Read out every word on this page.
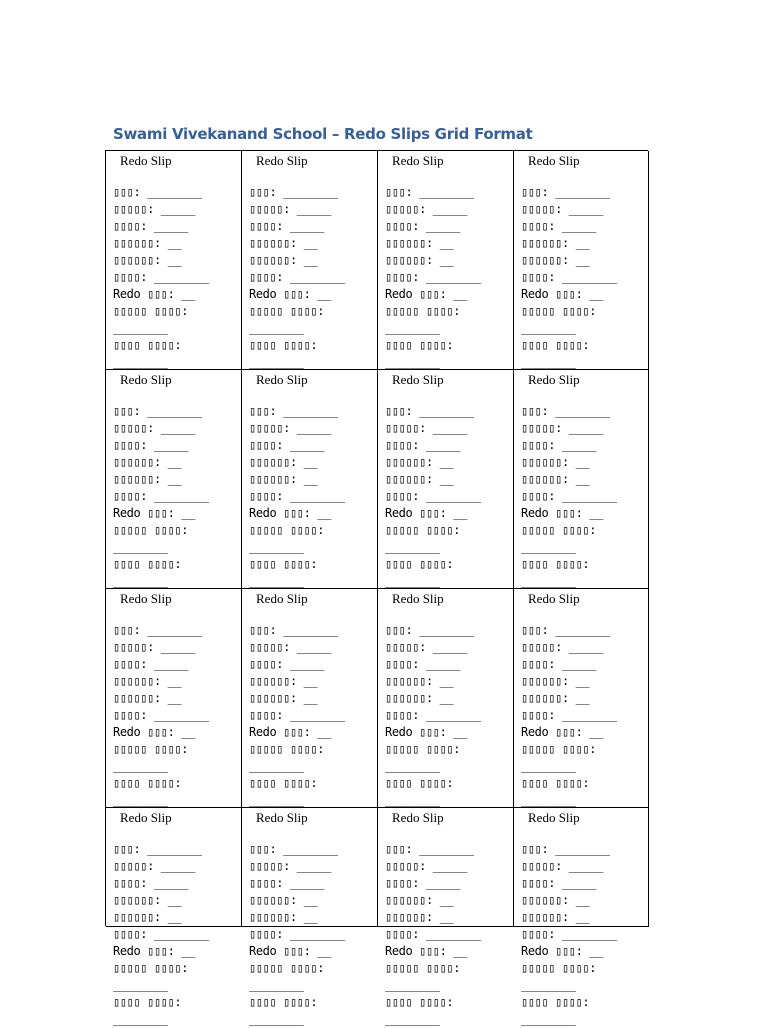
Swami Vivekanand School – Redo Slips Grid Format
Redo Slip
▯▯▯: ________
▯▯▯▯▯: _____
▯▯▯▯: _____
▯▯▯▯▯▯: __
▯▯▯▯▯▯: __
▯▯▯▯: ________
Redo ▯▯▯: __
▯▯▯▯▯ ▯▯▯▯:
________
▯▯▯▯ ▯▯▯▯:
________
Redo Slip
▯▯▯: ________
▯▯▯▯▯: _____
▯▯▯▯: _____
▯▯▯▯▯▯: __
▯▯▯▯▯▯: __
▯▯▯▯: ________
Redo ▯▯▯: __
▯▯▯▯▯ ▯▯▯▯:
________
▯▯▯▯ ▯▯▯▯:
________
Redo Slip
▯▯▯: ________
▯▯▯▯▯: _____
▯▯▯▯: _____
▯▯▯▯▯▯: __
▯▯▯▯▯▯: __
▯▯▯▯: ________
Redo ▯▯▯: __
▯▯▯▯▯ ▯▯▯▯:
________
▯▯▯▯ ▯▯▯▯:
________
Redo Slip
▯▯▯: ________
▯▯▯▯▯: _____
▯▯▯▯: _____
▯▯▯▯▯▯: __
▯▯▯▯▯▯: __
▯▯▯▯: ________
Redo ▯▯▯: __
▯▯▯▯▯ ▯▯▯▯:
________
▯▯▯▯ ▯▯▯▯:
________
Redo Slip
▯▯▯: ________
▯▯▯▯▯: _____
▯▯▯▯: _____
▯▯▯▯▯▯: __
▯▯▯▯▯▯: __
▯▯▯▯: ________
Redo ▯▯▯: __
▯▯▯▯▯ ▯▯▯▯:
________
▯▯▯▯ ▯▯▯▯:
________
Redo Slip
▯▯▯: ________
▯▯▯▯▯: _____
▯▯▯▯: _____
▯▯▯▯▯▯: __
▯▯▯▯▯▯: __
▯▯▯▯: ________
Redo ▯▯▯: __
▯▯▯▯▯ ▯▯▯▯:
________
▯▯▯▯ ▯▯▯▯:
________
Redo Slip
▯▯▯: ________
▯▯▯▯▯: _____
▯▯▯▯: _____
▯▯▯▯▯▯: __
▯▯▯▯▯▯: __
▯▯▯▯: ________
Redo ▯▯▯: __
▯▯▯▯▯ ▯▯▯▯:
________
▯▯▯▯ ▯▯▯▯:
________
Redo Slip
▯▯▯: ________
▯▯▯▯▯: _____
▯▯▯▯: _____
▯▯▯▯▯▯: __
▯▯▯▯▯▯: __
▯▯▯▯: ________
Redo ▯▯▯: __
▯▯▯▯▯ ▯▯▯▯:
________
▯▯▯▯ ▯▯▯▯:
________
Redo Slip
▯▯▯: ________
▯▯▯▯▯: _____
▯▯▯▯: _____
▯▯▯▯▯▯: __
▯▯▯▯▯▯: __
▯▯▯▯: ________
Redo ▯▯▯: __
▯▯▯▯▯ ▯▯▯▯:
________
▯▯▯▯ ▯▯▯▯:
________
Redo Slip
▯▯▯: ________
▯▯▯▯▯: _____
▯▯▯▯: _____
▯▯▯▯▯▯: __
▯▯▯▯▯▯: __
▯▯▯▯: ________
Redo ▯▯▯: __
▯▯▯▯▯ ▯▯▯▯:
________
▯▯▯▯ ▯▯▯▯:
________
Redo Slip
▯▯▯: ________
▯▯▯▯▯: _____
▯▯▯▯: _____
▯▯▯▯▯▯: __
▯▯▯▯▯▯: __
▯▯▯▯: ________
Redo ▯▯▯: __
▯▯▯▯▯ ▯▯▯▯:
________
▯▯▯▯ ▯▯▯▯:
________
Redo Slip
▯▯▯: ________
▯▯▯▯▯: _____
▯▯▯▯: _____
▯▯▯▯▯▯: __
▯▯▯▯▯▯: __
▯▯▯▯: ________
Redo ▯▯▯: __
▯▯▯▯▯ ▯▯▯▯:
________
▯▯▯▯ ▯▯▯▯:
________
Redo Slip
▯▯▯: ________
▯▯▯▯▯: _____
▯▯▯▯: _____
▯▯▯▯▯▯: __
▯▯▯▯▯▯: __
▯▯▯▯: ________
Redo ▯▯▯: __
▯▯▯▯▯ ▯▯▯▯:
________
▯▯▯▯ ▯▯▯▯:
________
Redo Slip
▯▯▯: ________
▯▯▯▯▯: _____
▯▯▯▯: _____
▯▯▯▯▯▯: __
▯▯▯▯▯▯: __
▯▯▯▯: ________
Redo ▯▯▯: __
▯▯▯▯▯ ▯▯▯▯:
________
▯▯▯▯ ▯▯▯▯:
________
Redo Slip
▯▯▯: ________
▯▯▯▯▯: _____
▯▯▯▯: _____
▯▯▯▯▯▯: __
▯▯▯▯▯▯: __
▯▯▯▯: ________
Redo ▯▯▯: __
▯▯▯▯▯ ▯▯▯▯:
________
▯▯▯▯ ▯▯▯▯:
________
Redo Slip
▯▯▯: ________
▯▯▯▯▯: _____
▯▯▯▯: _____
▯▯▯▯▯▯: __
▯▯▯▯▯▯: __
▯▯▯▯: ________
Redo ▯▯▯: __
▯▯▯▯▯ ▯▯▯▯:
________
▯▯▯▯ ▯▯▯▯:
________
